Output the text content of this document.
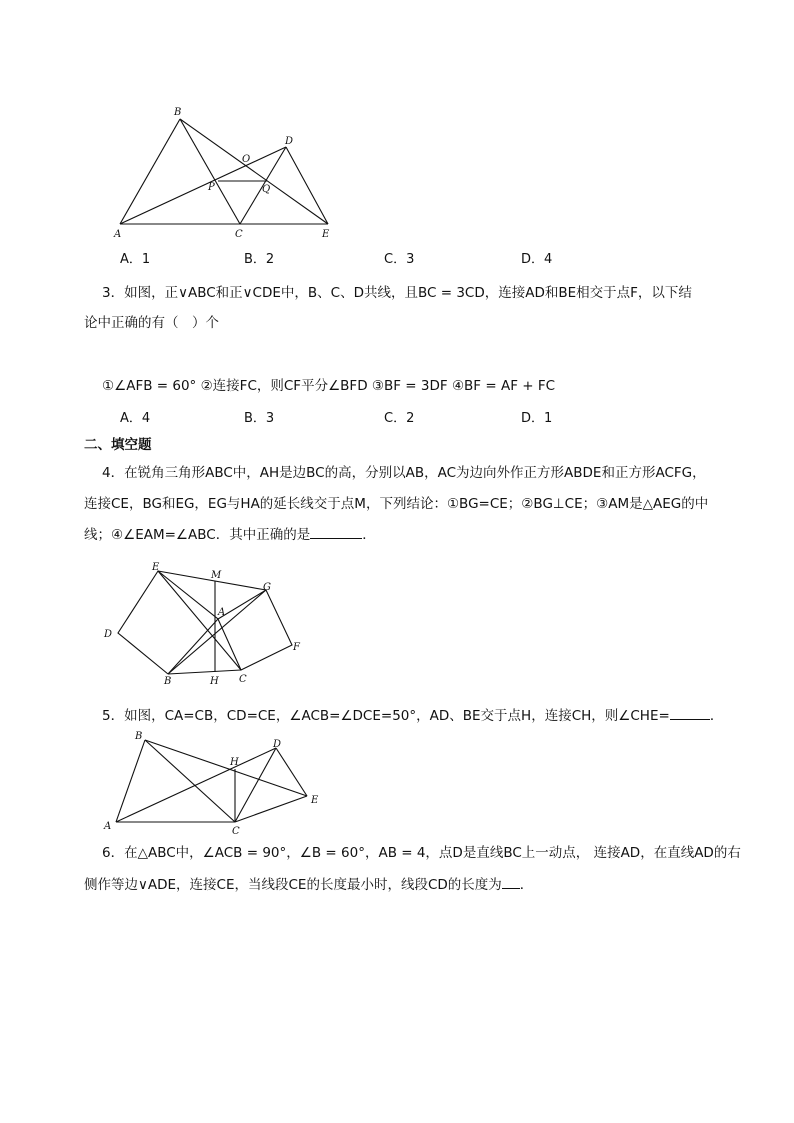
B
D
O
P	Q
A	C	E
A．1	B．2	C．3	D．4
3．如图，正∨ABC和正∨CDE中，B、C、D共线，且BC = 3CD，连接AD和BE相交于点F，以下结
论中正确的有（　）个
①∠AFB = 60° ②连接FC，则CF平分∠BFD ③BF = 3DF ④BF = AF + FC
A．4	B．3	C．2	D．1
二、填空题
4．在锐角三角形ABC中，AH是边BC的高，分别以AB，AC为边向外作正方形ABDE和正方形ACFG，
连接CE，BG和EG，EG与HA的延长线交于点M，下列结论：①BG=CE；②BG⊥CE；③AM是△AEG的中
线；④∠EAM=∠ABC．其中正确的是	．
E
M
G
A
D
F
B	H C
5．如图，CA=CB，CD=CE，∠ACB=∠DCE=50°，AD、BE交于点H，连接CH，则∠CHE=	．
B
H
D
E
A	C
6．在△ABC中，∠ACB = 90°，∠B = 60°，AB = 4，点D是直线BC上一动点， 连接AD，在直线AD的右
侧作等边∨ADE，连接CE，当线段CE的长度最小时，线段CD的长度为 ．
